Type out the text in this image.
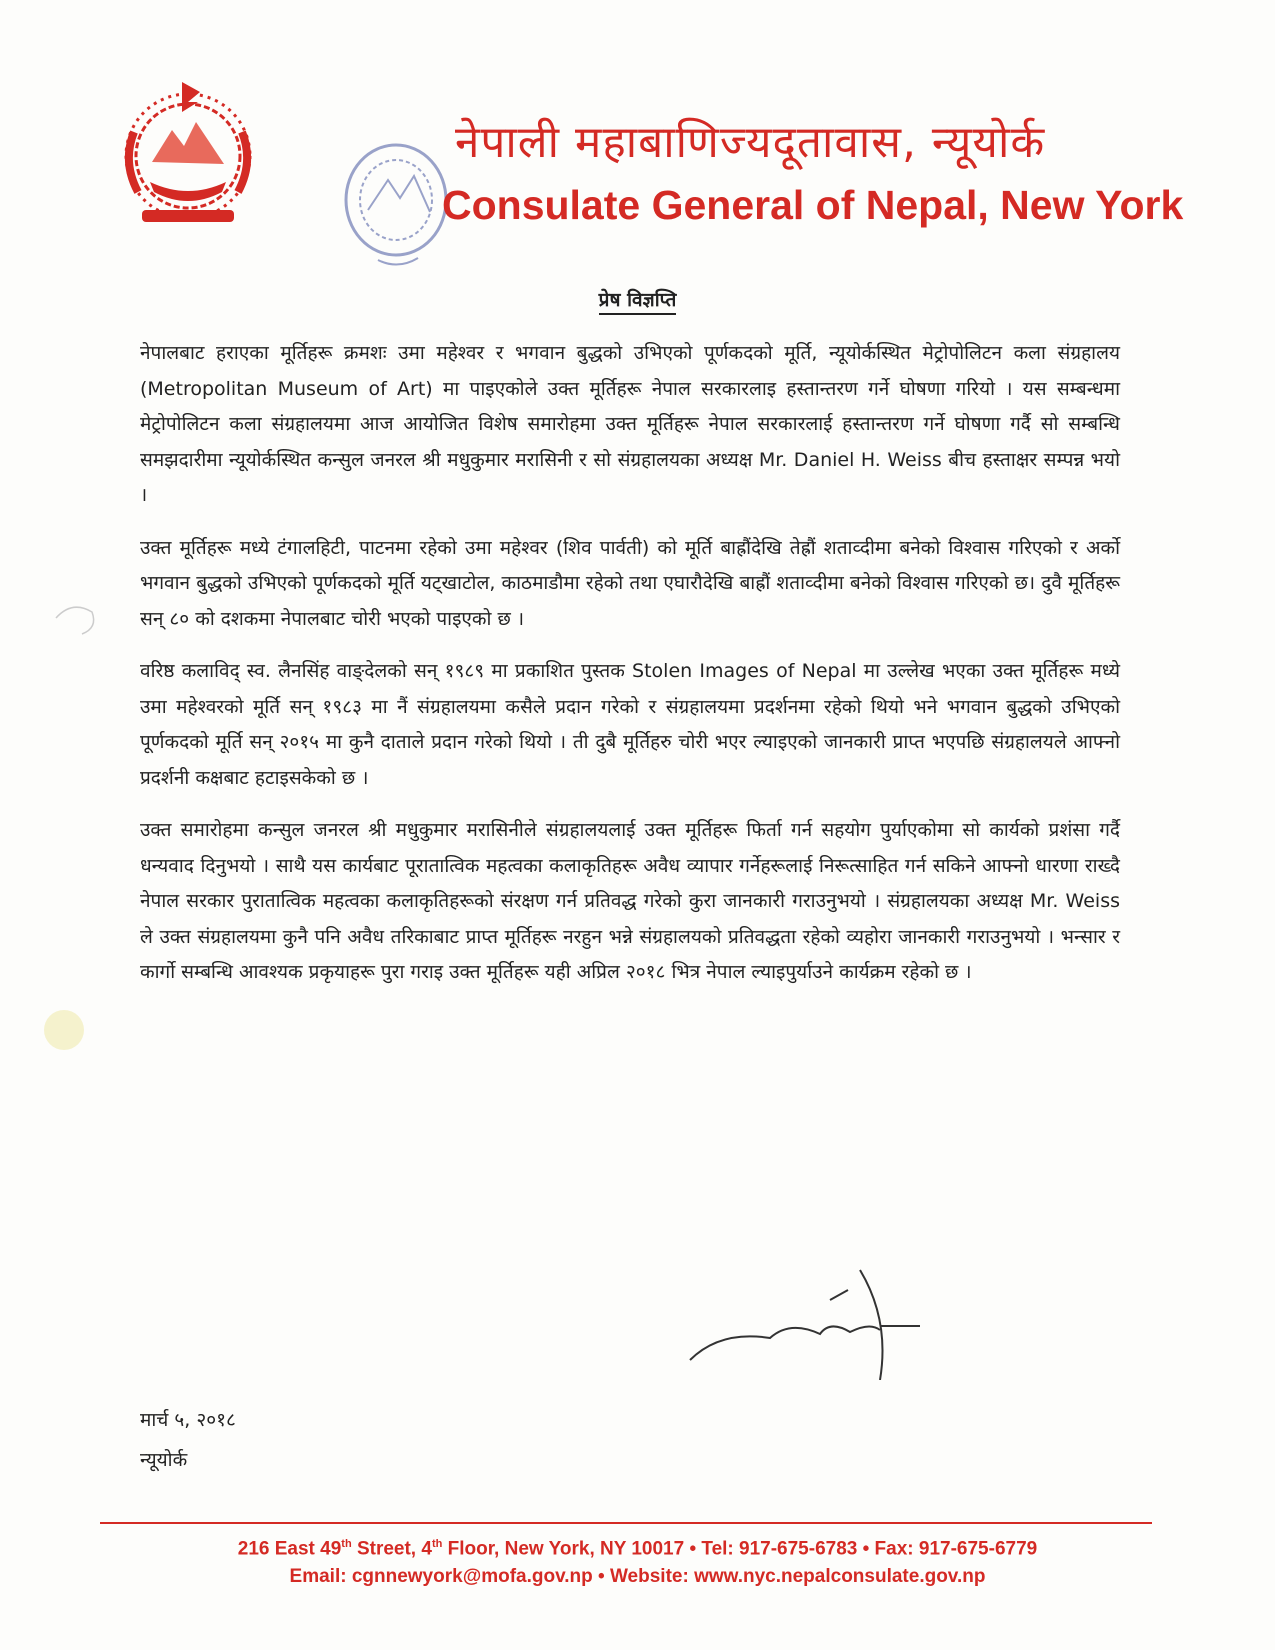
नेपाली महाबाणिज्यदूतावास, न्यूयोर्क
Consulate General of Nepal, New York
प्रेष विज्ञप्ति

नेपालबाट हराएका मूर्तिहरू क्रमशः उमा महेश्वर र भगवान बुद्धको उभिएको पूर्णकदको मूर्ति, न्यूयोर्कस्थित मेट्रोपोलिटन कला संग्रहालय (Metropolitan Museum of Art) मा पाइएकोले उक्त मूर्तिहरू नेपाल सरकारलाइ हस्तान्तरण गर्ने घोषणा गरियो । यस सम्बन्धमा मेट्रोपोलिटन कला संग्रहालयमा आज आयोजित विशेष समारोहमा उक्त मूर्तिहरू नेपाल सरकारलाई हस्तान्तरण गर्ने घोषणा गर्दै सो सम्बन्धि समझदारीमा न्यूयोर्कस्थित कन्सुल जनरल श्री मधुकुमार मरासिनी र सो संग्रहालयका अध्यक्ष Mr. Daniel H. Weiss बीच हस्ताक्षर सम्पन्न भयो ।

उक्त मूर्तिहरू मध्ये टंगालहिटी, पाटनमा रहेको उमा महेश्वर (शिव पार्वती) को मूर्ति बाह्रौंदेखि तेह्रौं शताव्दीमा बनेको विश्वास गरिएको र अर्को भगवान बुद्धको उभिएको पूर्णकदको मूर्ति यट्खाटोल, काठमाडौमा रहेको तथा एघारौदेखि बाह्रौं शताव्दीमा बनेको विश्वास गरिएको छ। दुवै मूर्तिहरू सन् ८० को दशकमा नेपालबाट चोरी भएको पाइएको छ ।

वरिष्ठ कलाविद् स्व. लैनसिंह वाङ्देलको सन् १९८९ मा प्रकाशित पुस्तक Stolen Images of Nepal मा उल्लेख भएका उक्त मूर्तिहरू मध्ये उमा महेश्वरको मूर्ति सन् १९८३ मा नैं संग्रहालयमा कसैले प्रदान गरेको र संग्रहालयमा प्रदर्शनमा रहेको थियो भने भगवान बुद्धको उभिएको पूर्णकदको मूर्ति सन् २०१५ मा कुनै दाताले प्रदान गरेको थियो । ती दुबै मूर्तिहरु चोरी भएर ल्याइएको जानकारी प्राप्त भएपछि संग्रहालयले आफ्नो प्रदर्शनी कक्षबाट हटाइसकेको छ ।

उक्त समारोहमा कन्सुल जनरल श्री मधुकुमार मरासिनीले संग्रहालयलाई उक्त मूर्तिहरू फिर्ता गर्न सहयोग पुर्याएकोमा सो कार्यको प्रशंसा गर्दै धन्यवाद दिनुभयो । साथै यस कार्यबाट पूरातात्विक महत्वका कलाकृतिहरू अवैध व्यापार गर्नेहरूलाई निरूत्साहित गर्न सकिने आफ्नो धारणा राख्दै नेपाल सरकार पुरातात्विक महत्वका कलाकृतिहरूको संरक्षण गर्न प्रतिवद्ध गरेको कुरा जानकारी गराउनुभयो । संग्रहालयका अध्यक्ष Mr. Weiss ले उक्त संग्रहालयमा कुनै पनि अवैध तरिकाबाट प्राप्त मूर्तिहरू नरहुन भन्ने संग्रहालयको प्रतिवद्धता रहेको व्यहोरा जानकारी गराउनुभयो । भन्सार र कार्गो सम्बन्धि आवश्यक प्रकृयाहरू पुरा गराइ उक्त मूर्तिहरू यही अप्रिल २०१८ भित्र नेपाल ल्याइपुर्याउने कार्यक्रम रहेको छ ।

मार्च ५, २०१८
न्यूयोर्क
216 East 49th Street, 4th Floor, New York, NY 10017 • Tel: 917-675-6783 • Fax: 917-675-6779
Email: cgnnewyork@mofa.gov.np • Website: www.nyc.nepalconsulate.gov.np
